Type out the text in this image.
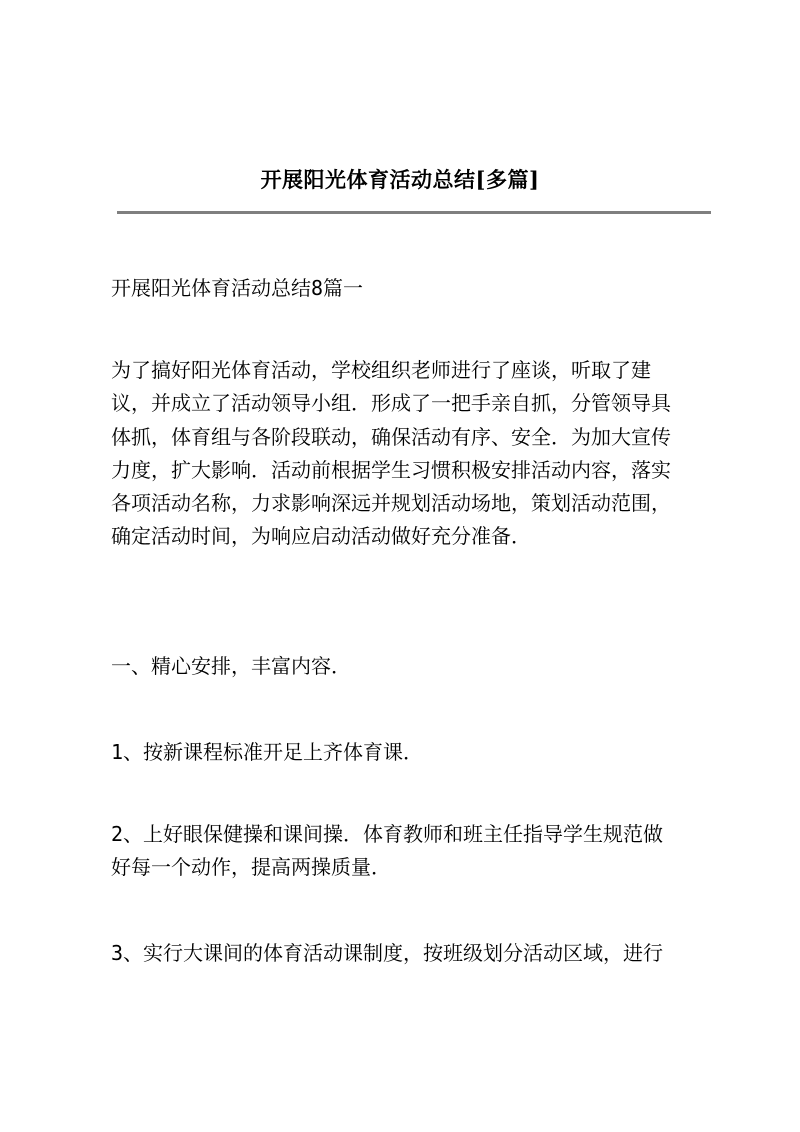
开展阳光体育活动总结[多篇]
开展阳光体育活动总结8篇一
为了搞好阳光体育活动，学校组织老师进行了座谈，听取了建
议，并成立了活动领导小组．形成了一把手亲自抓，分管领导具
体抓，体育组与各阶段联动，确保活动有序、安全．为加大宣传
力度，扩大影响．活动前根据学生习惯积极安排活动内容，落实
各项活动名称，力求影响深远并规划活动场地，策划活动范围，
确定活动时间，为响应启动活动做好充分准备．
一、精心安排，丰富内容．
1、按新课程标准开足上齐体育课．
2、上好眼保健操和课间操．体育教师和班主任指导学生规范做
好每一个动作，提高两操质量．
3、实行大课间的体育活动课制度，按班级划分活动区域，进行
